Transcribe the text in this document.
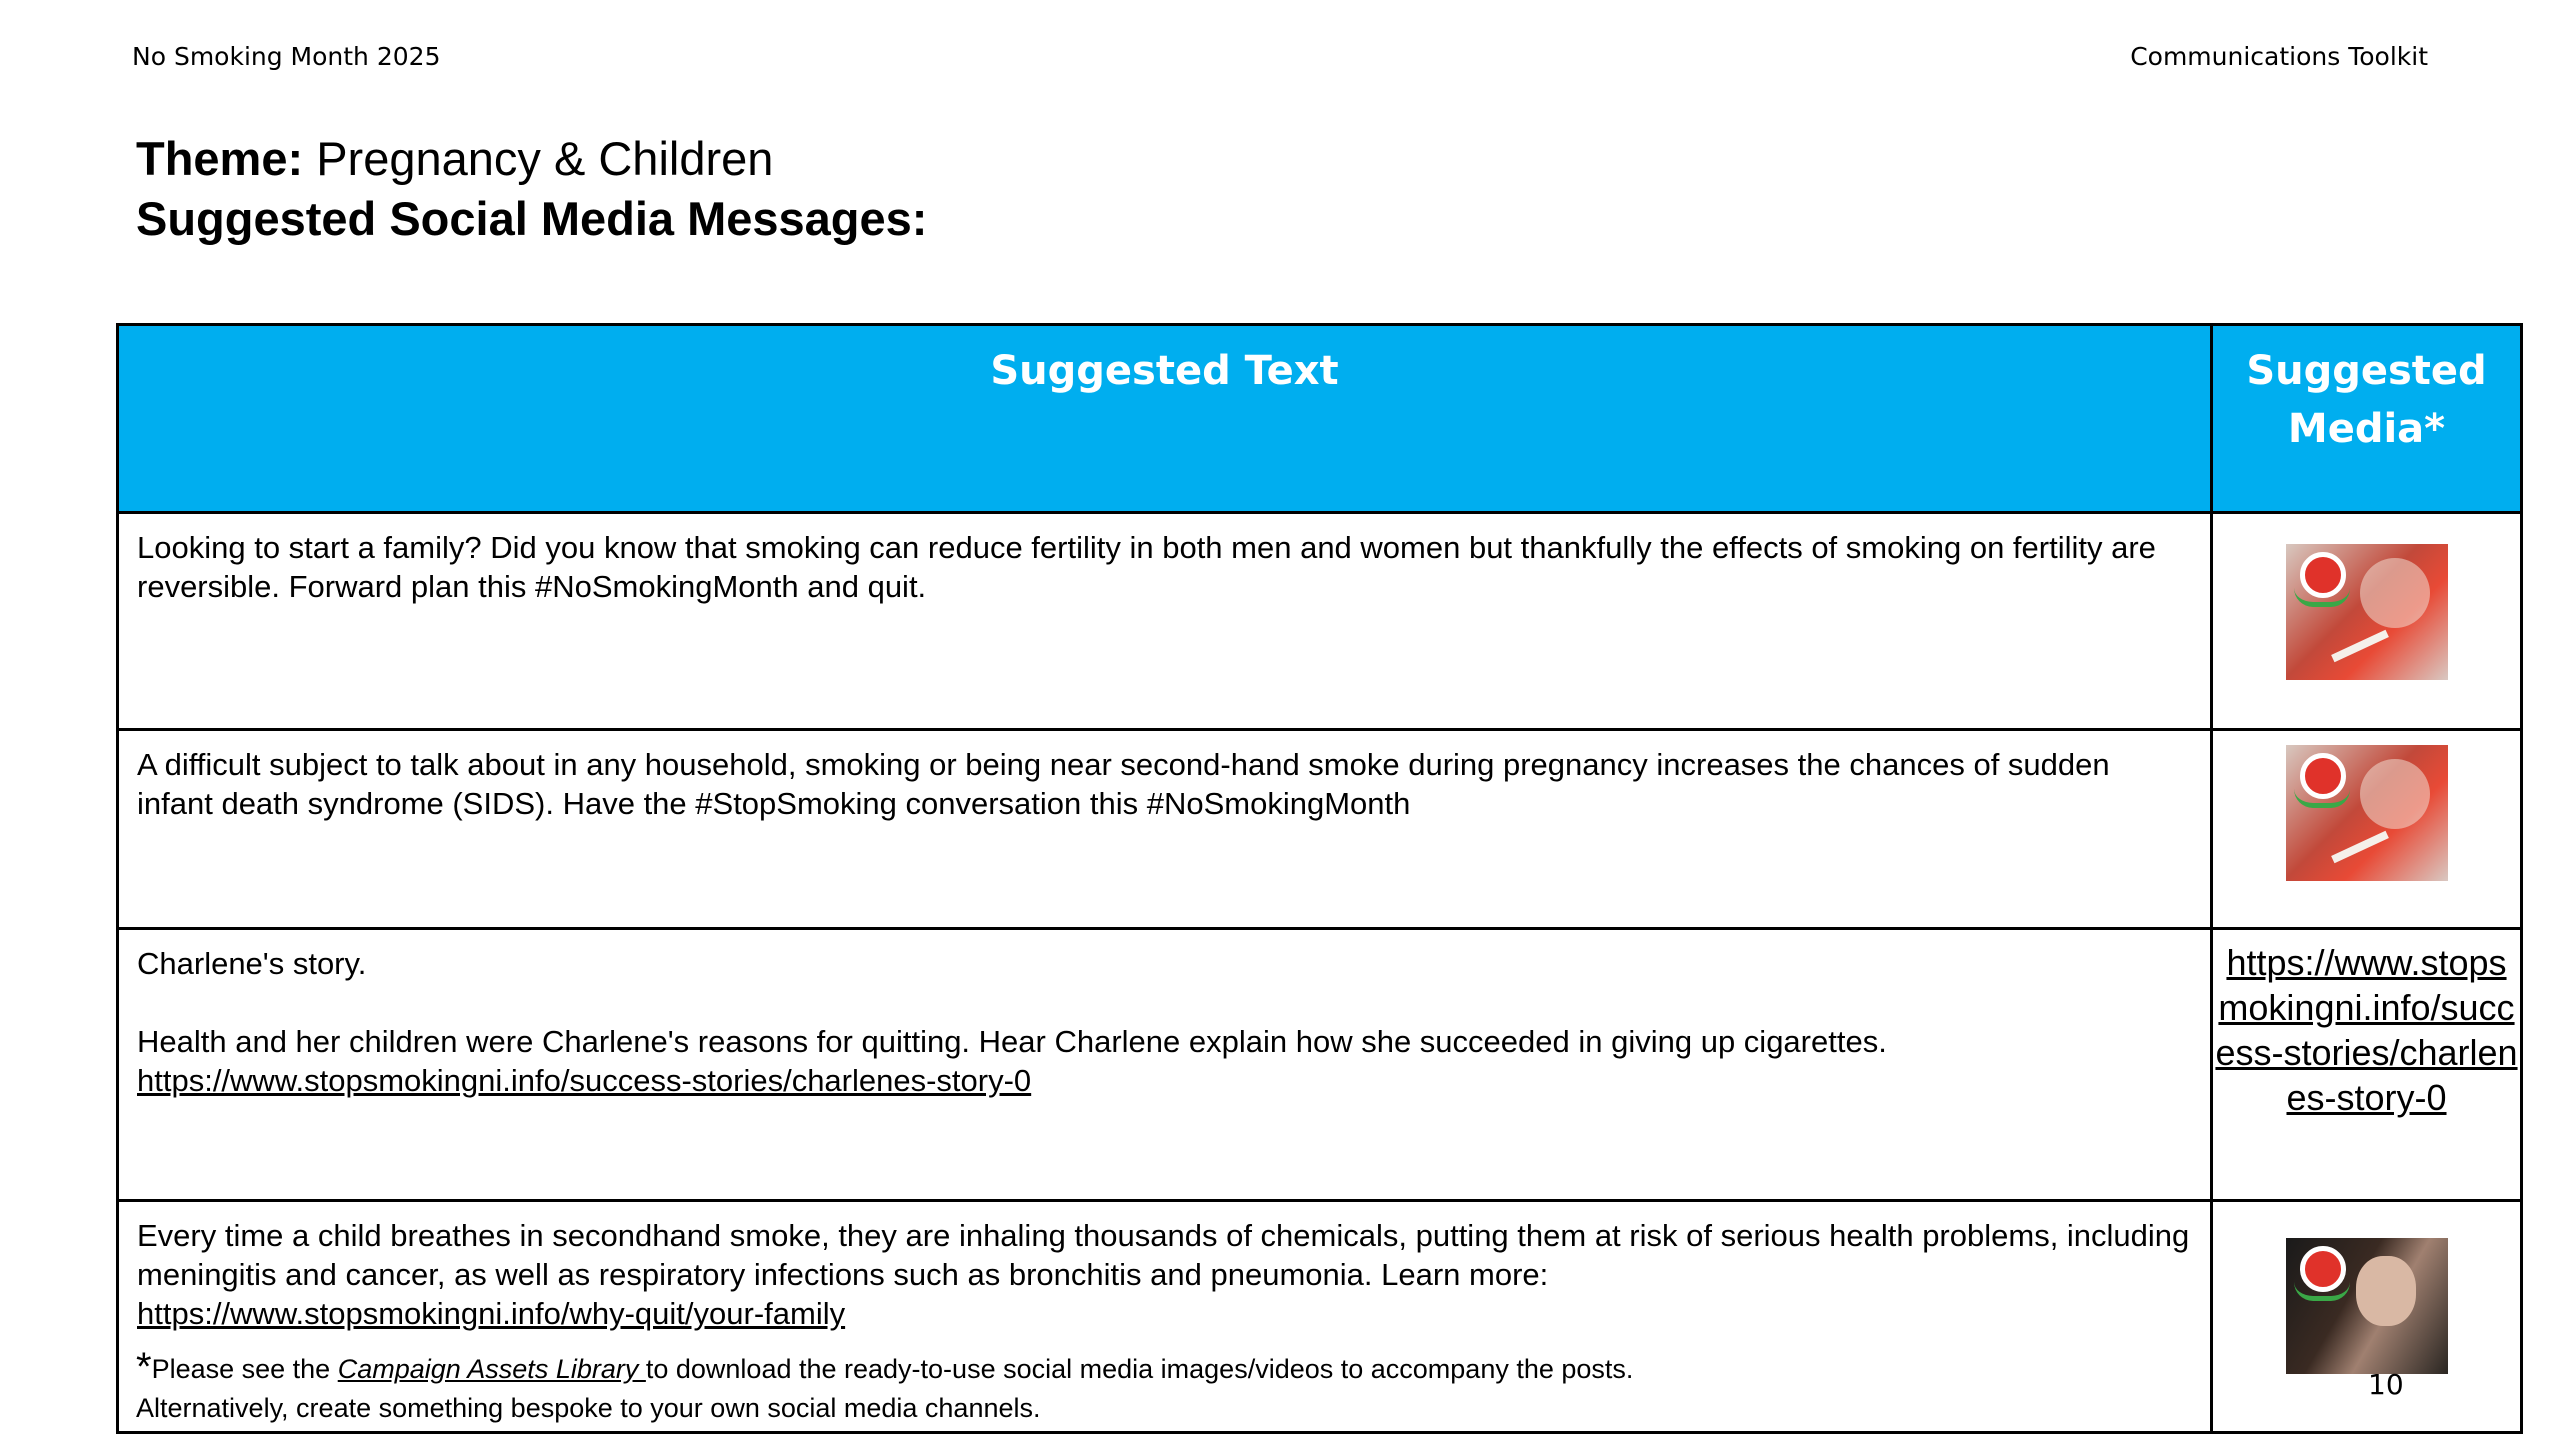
No Smoking Month 2025	Communications Toolkit
Theme: Pregnancy & Children
Suggested Social Media Messages:
Suggested Text	Suggested Media*
Looking to start a family? Did you know that smoking can reduce fertility in both men and women but thankfully the effects of smoking on fertility are reversible. Forward plan this #NoSmokingMonth and quit.	

A difficult subject to talk about in any household, smoking or being near second-hand smoke during pregnancy increases the chances of sudden infant death syndrome (SIDS). Have the #StopSmoking conversation this #NoSmokingMonth	

Charlene's story.
Health and her children were Charlene's reasons for quitting. Hear Charlene explain how she succeeded in giving up cigarettes.
https://www.stopsmokingni.info/success-stories/charlenes-story-0	https://www.stopsmokingni.info/success-stories/charlenes-story-0

Every time a child breathes in secondhand smoke, they are inhaling thousands of chemicals, putting them at risk of serious health problems, including meningitis and cancer, as well as respiratory infections such as bronchitis and pneumonia. Learn more:
https://www.stopsmokingni.info/why-quit/your-family	
*Please see the Campaign Assets Library to download the ready-to-use social media images/videos to accompany the posts.
Alternatively, create something bespoke to your own social media channels.
10
